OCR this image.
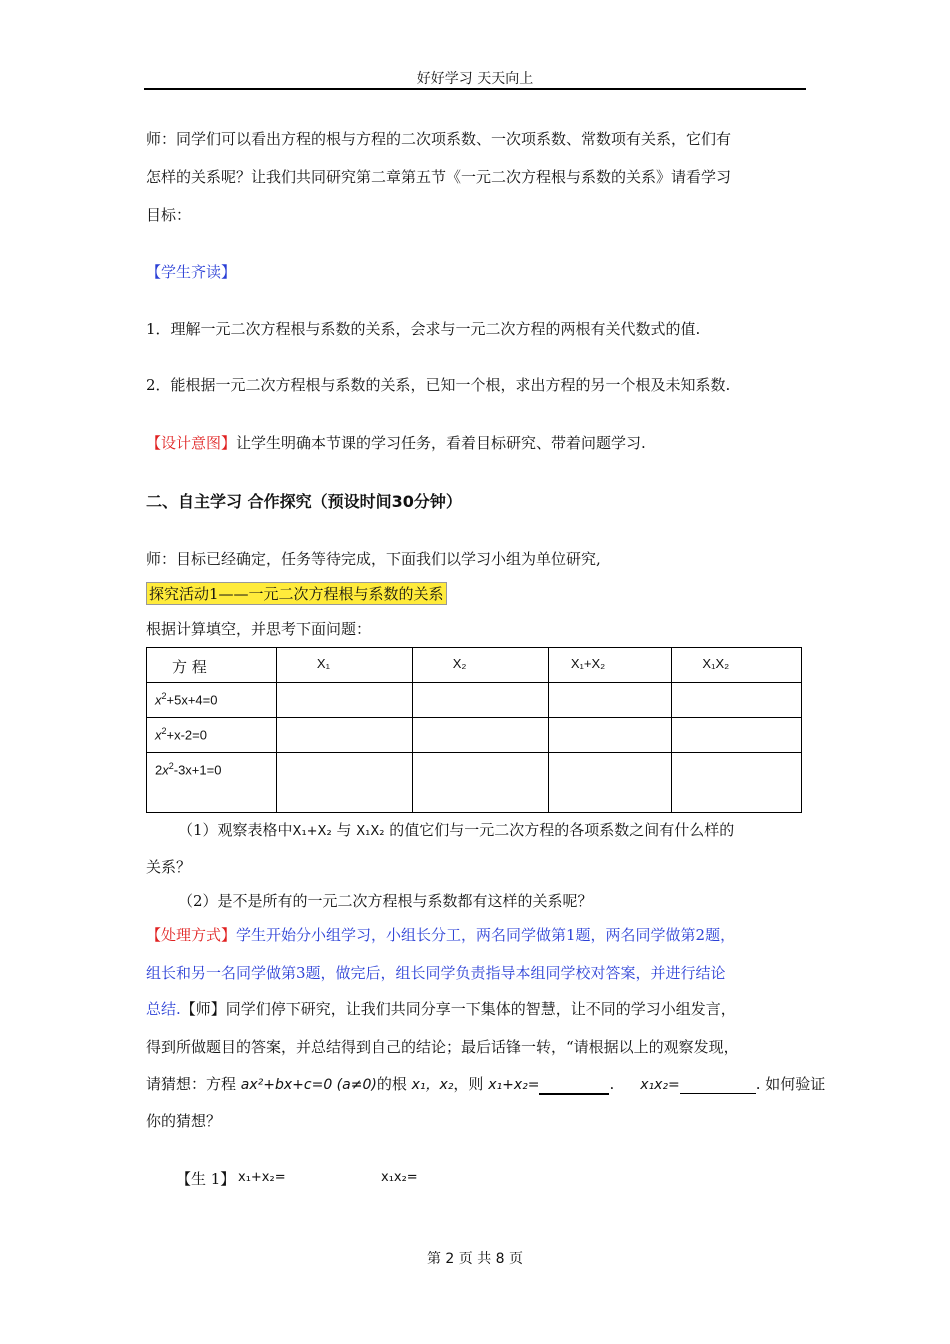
好好学习 天天向上
师：同学们可以看出方程的根与方程的二次项系数、一次项系数、常数项有关系，它们有
怎样的关系呢？让我们共同研究第二章第五节《一元二次方程根与系数的关系》请看学习
目标：
【学生齐读】
1．理解一元二次方程根与系数的关系，会求与一元二次方程的两根有关代数式的值.
2．能根据一元二次方程根与系数的关系，已知一个根，求出方程的另一个根及未知系数.
【设计意图】让学生明确本节课的学习任务，看着目标研究、带着问题学习.
二、自主学习 合作探究（预设时间30分钟）
师：目标已经确定，任务等待完成，下面我们以学习小组为单位研究,
探究活动1——一元二次方程根与系数的关系
根据计算填空，并思考下面问题：
方 程	X₁	X₂	X₁+X₂	X₁X₂
$x^2+5x+4=0$				
$x^2+x-2=0$				
$2x^2-3x+1=0$				
（1）观察表格中X₁+X₂ 与 X₁X₂ 的值它们与一元二次方程的各项系数之间有什么样的
关系？
（2）是不是所有的一元二次方程根与系数都有这样的关系呢？
【处理方式】学生开始分小组学习，小组长分工，两名同学做第1题，两名同学做第2题，
组长和另一名同学做第3题，做完后，组长同学负责指导本组同学校对答案，并进行结论
总结.【师】同学们停下研究，让我们共同分享一下集体的智慧，让不同的学习小组发言，
得到所做题目的答案，并总结得到自己的结论；最后话锋一转，“请根据以上的观察发现，
请猜想：方程 ax²+bx+c=0 (a≠0)的根 x₁，x₂，则 x₁+x₂=	. x₁x₂=	. 如何验证
你的猜想？
【生 1】 x₁+x₂=	x₁x₂=
第 2 页 共 8 页
